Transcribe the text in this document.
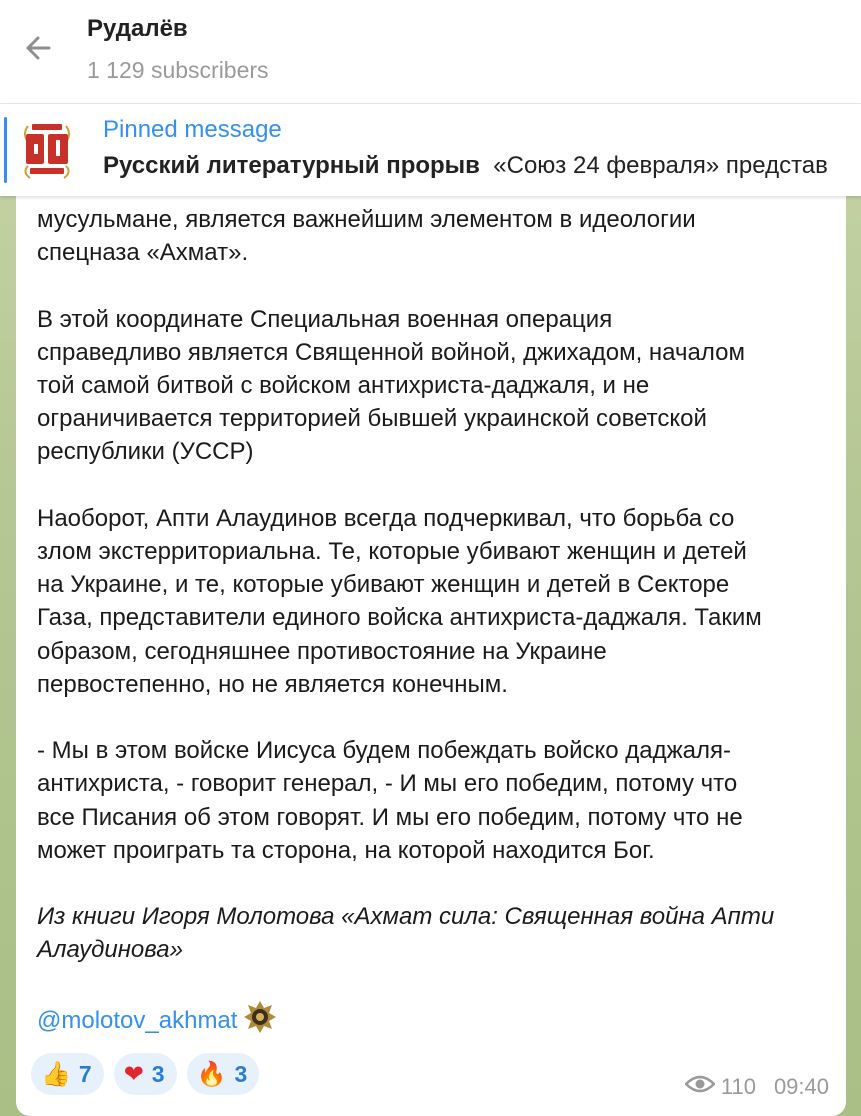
мусульмане, является важнейшим элементом в идеологии
спецназа «Ахмат».

В этой координате Специальная военная операция
справедливо является Священной войной, джихадом, началом
той самой битвой с войском антихриста-даджаля, и не
ограничивается территорией бывшей украинской советской
республики (УССР)

Наоборот, Апти Алаудинов всегда подчеркивал, что борьба со
злом экстерриториальна. Те, которые убивают женщин и детей
на Украине, и те, которые убивают женщин и детей в Секторе
Газа, представители единого войска антихриста-даджаля. Таким
образом, сегодняшнее противостояние на Украине
первостепенно, но не является конечным.

- Мы в этом войске Иисуса будем побеждать войско даджаля-
антихриста, - говорит генерал, - И мы его победим, потому что
все Писания об этом говорят. И мы его победим, потому что не
может проиграть та сторона, на которой находится Бог.

Из книги Игоря Молотова «Ахмат сила: Священная война Апти
Алаудинова»

@molotov_akhmat

👍 7 ❤ 3 🔥 3	110 09:40
Рудалёв
1 129 subscribers
Pinned message
Русский литературный прорыв «Союз 24 февраля» представ
